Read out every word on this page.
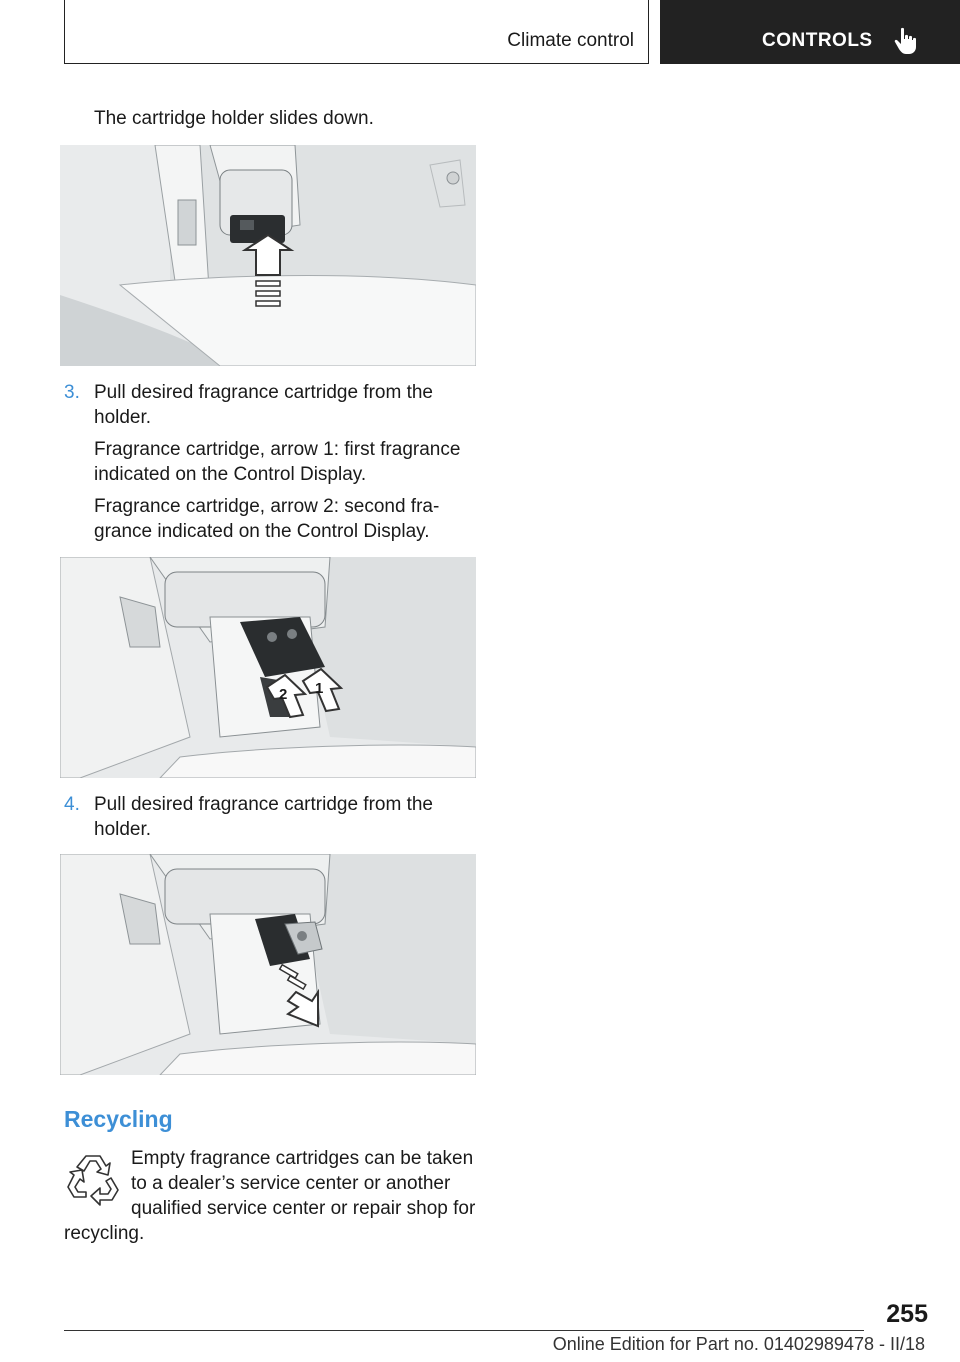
Climate control	CONTROLS
The cartridge holder slides down.
3. Pull desired fragrance cartridge from the
holder.
Fragrance cartridge, arrow 1: first fragrance
indicated on the Control Display.
Fragrance cartridge, arrow 2: second fra‐
grance indicated on the Control Display.
2 1
4. Pull desired fragrance cartridge from the
holder.
Recycling
Empty fragrance cartridges can be taken
to a dealer’s service center or another
qualified service center or repair shop for
recycling.
255
Online Edition for Part no. 01402989478 - II/18
